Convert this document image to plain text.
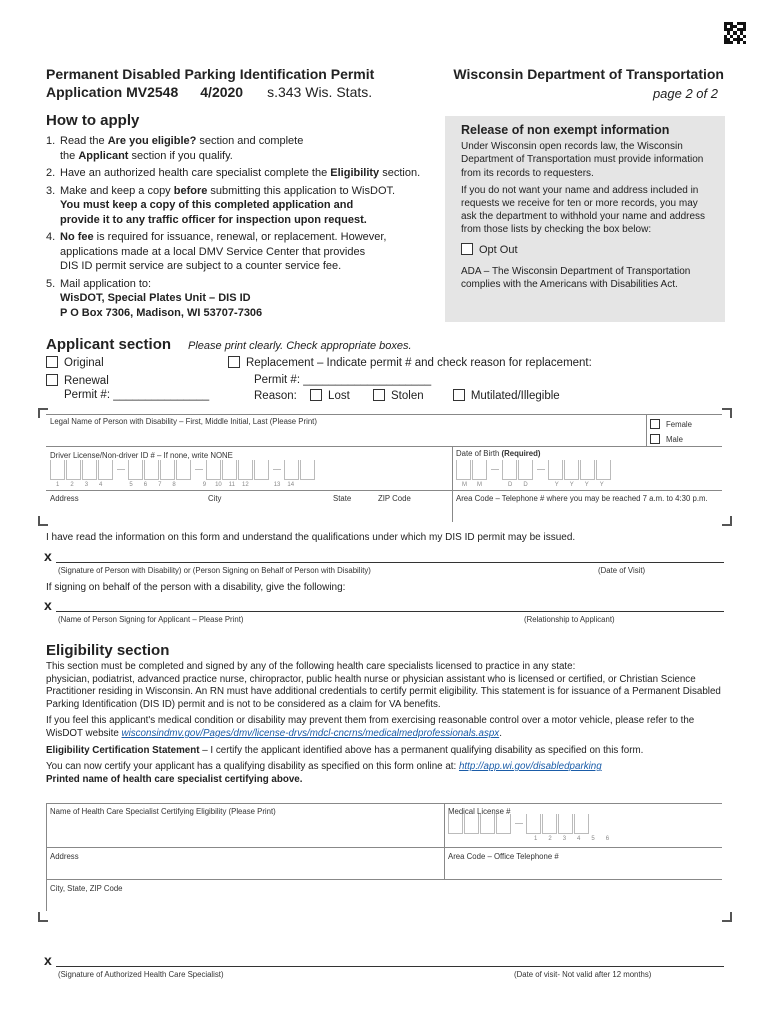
Permanent Disabled Parking Identification Permit
Application MV2548 4/2020 s.343 Wis. Stats.
Wisconsin Department of Transportation
page 2 of 2
How to apply
1. Read the Are you eligible? section and complete
the Applicant section if you qualify.
2. Have an authorized health care specialist complete the Eligibility section.
3. Make and keep a copy before submitting this application to WisDOT.
You must keep a copy of this completed application and
provide it to any traffic officer for inspection upon request.
4. No fee is required for issuance, renewal, or replacement. However,
applications made at a local DMV Service Center that provides
DIS ID permit service are subject to a counter service fee.
5. Mail application to:
WisDOT, Special Plates Unit – DIS ID
P O Box 7306, Madison, WI 53707-7306
Release of non exempt information

Under Wisconsin open records law, the Wisconsin Department of Transportation must provide information from its records to requesters.

If you do not want your name and address included in requests we receive for ten or more records, you may ask the department to withhold your name and address from those lists by checking the box below:

Opt Out

ADA – The Wisconsin Department of Transportation complies with the Americans with Disabilities Act.

Applicant section Please print clearly. Check appropriate boxes.
Original
Renewal
Permit #: _______________
Replacement – Indicate permit # and check reason for replacement:
Permit #: ____________________
Reason:	Lost	Stolen	Mutilated/Illegible
Legal Name of Person with Disability – First, Middle Initial, Last (Please Print)	Female
Male
Driver License/Non-driver ID # – If none, write NONE	Date of Birth (Required)
1 2 3 4	5 6 7 8	9 10 11 12	13 14	M M	D D	Y Y Y Y
Address	City	State	ZIP Code	Area Code – Telephone # where you may be reached 7 a.m. to 4:30 p.m.
I have read the information on this form and understand the qualifications under which my DIS ID permit may be issued.
x
(Signature of Person with Disability) or (Person Signing on Behalf of Person with Disability)	(Date of Visit)
If signing on behalf of the person with a disability, give the following:
x
(Name of Person Signing for Applicant – Please Print)	(Relationship to Applicant)
Eligibility section

This section must be completed and signed by any of the following health care specialists licensed to practice in any state:

physician, podiatrist, advanced practice nurse, chiropractor, public health nurse or physician assistant who is licensed or certified, or Christian Science Practitioner residing in Wisconsin. An RN must have additional credentials to certify permit eligibility. This statement is for issuance of a Permanent Disabled Parking Identification (DIS ID) permit and is not to be considered as a claim for VA benefits.

If you feel this applicant's medical condition or disability may prevent them from exercising reasonable control over a motor vehicle, please refer to the WisDOT website wisconsindmv.gov/Pages/dmv/license-drvs/mdcl-cncrns/medicalmedprofessionals.aspx.

Eligibility Certification Statement – I certify the applicant identified above has a permanent qualifying disability as specified on this form.

You can now certify your applicant has a qualifying disability as specified on this form online at: http://app.wi.gov/disabledparking

Printed name of health care specialist certifying above.

Name of Health Care Specialist Certifying Eligibility (Please Print)	Medical License #
1 2 3 4 5 6
Address	Area Code – Office Telephone #
City, State, ZIP Code
x
(Signature of Authorized Health Care Specialist)	(Date of visit- Not valid after 12 months)
